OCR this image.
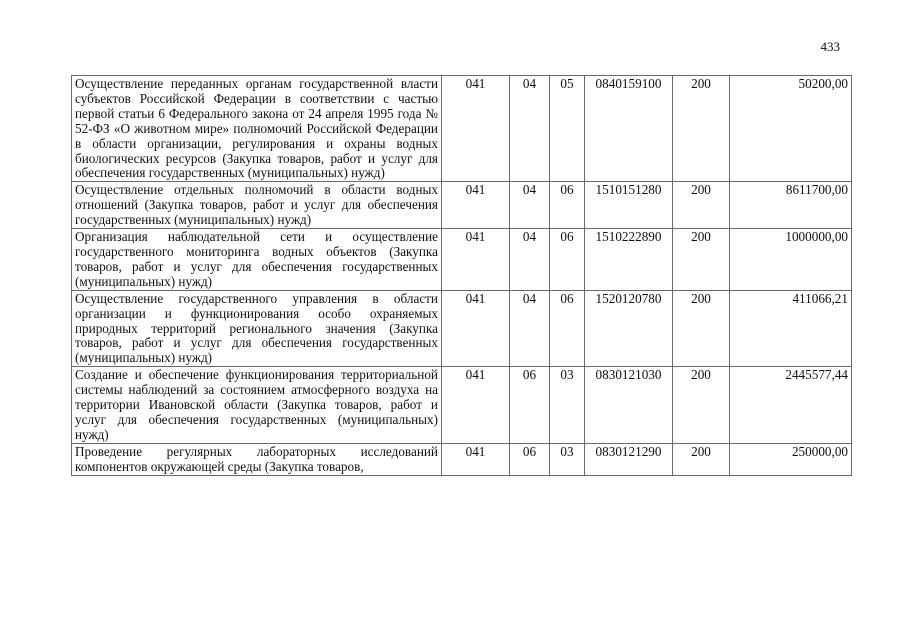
433
Осуществление переданных органам государственной власти субъектов Российской Федерации в соответствии с частью первой статьи 6 Федерального закона от 24 апреля 1995 года № 52-ФЗ «О животном мире» полномочий Российской Федерации в области организации, регулирования и охраны водных биологических ресурсов (Закупка товаров, работ и услуг для обеспечения государственных (муниципальных) нужд)	041	04	05	0840159100	200	50200,00
Осуществление отдельных полномочий в области водных отношений (Закупка товаров, работ и услуг для обеспечения государственных (муниципальных) нужд)	041	04	06	1510151280	200	8611700,00
Организация наблюдательной сети и осуществление государственного мониторинга водных объектов (Закупка товаров, работ и услуг для обеспечения государственных (муниципальных) нужд)	041	04	06	1510222890	200	1000000,00
Осуществление государственного управления в области организации и функционирования особо охраняемых природных территорий регионального значения (Закупка товаров, работ и услуг для обеспечения государственных (муниципальных) нужд)	041	04	06	1520120780	200	411066,21
Создание и обеспечение функционирования территориальной системы наблюдений за состоянием атмосферного воздуха на территории Ивановской области (Закупка товаров, работ и услуг для обеспечения государственных (муниципальных) нужд)	041	06	03	0830121030	200	2445577,44
Проведение регулярных лабораторных исследований компонентов окружающей среды (Закупка товаров,	041	06	03	0830121290	200	250000,00
